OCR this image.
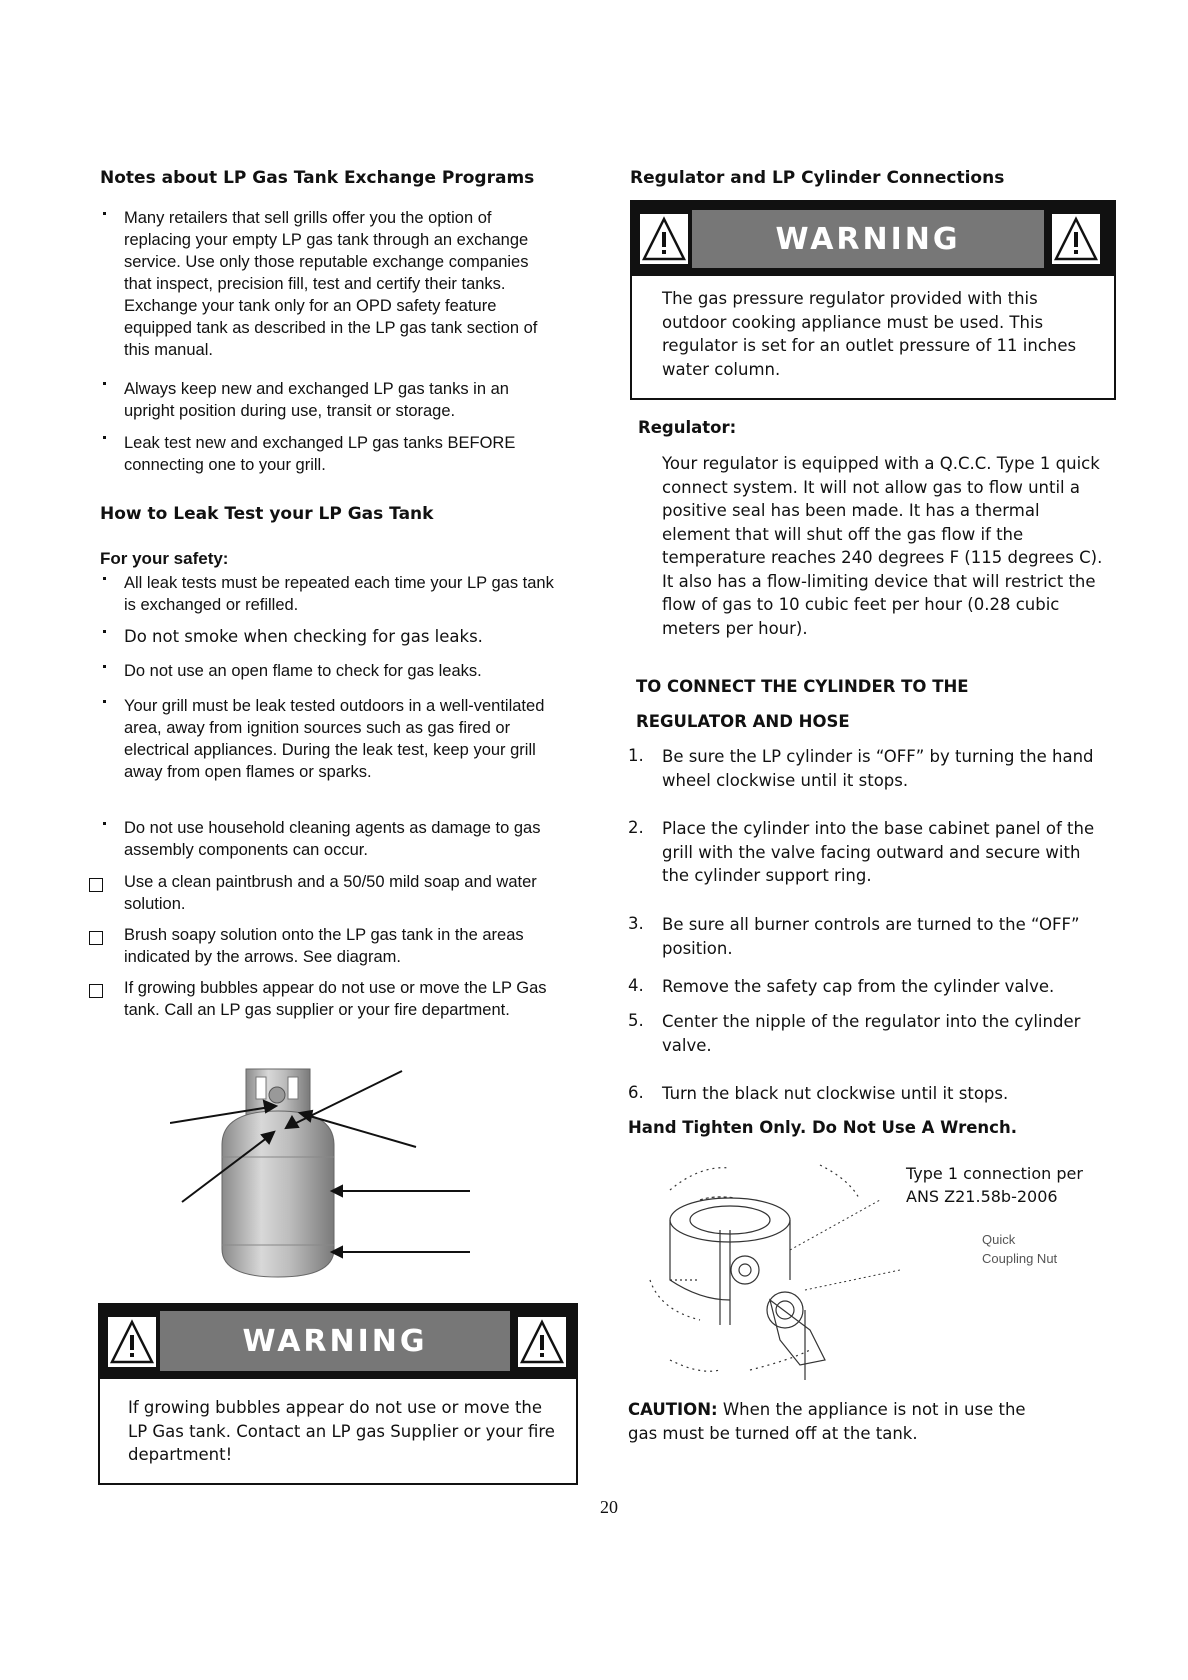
Notes about LP Gas Tank Exchange Programs
Many retailers that sell grills offer you the option of replacing your empty LP gas tank through an exchange service. Use only those reputable exchange companies that inspect, precision fill, test and certify their tanks. Exchange your tank only for an OPD safety feature equipped tank as described in the LP gas tank section of this manual.
Always keep new and exchanged LP gas tanks in an upright position during use, transit or storage.
Leak test new and exchanged LP gas tanks BEFORE connecting one to your grill.
How to Leak Test your LP Gas Tank
For your safety:
All leak tests must be repeated each time your LP gas tank is exchanged or refilled.
Do not smoke when checking for gas leaks.
Do not use an open flame to check for gas leaks.
Your grill must be leak tested outdoors in a well-ventilated area, away from ignition sources such as gas fired or electrical appliances. During the leak test, keep your grill away from open flames or sparks.
Do not use household cleaning agents as damage to gas assembly components can occur.
Use a clean paintbrush and a 50/50 mild soap and water solution.
Brush soapy solution onto the LP gas tank in the areas indicated by the arrows. See diagram.
If growing bubbles appear do not use or move the LP Gas tank. Call an LP gas supplier or your fire department.
WARNING
If growing bubbles appear do not use or move the LP Gas tank. Contact an LP gas Supplier or your fire department!
Regulator and LP Cylinder Connections
WARNING
The gas pressure regulator provided with this outdoor cooking appliance must be used. This regulator is set for an outlet pressure of 11 inches water column.
Regulator:
Your regulator is equipped with a Q.C.C. Type 1 quick connect system. It will not allow gas to flow until a positive seal has been made. It has a thermal element that will shut off the gas flow if the temperature reaches 240 degrees F (115 degrees C). It also has a flow-limiting device that will restrict the flow of gas to 10 cubic feet per hour (0.28 cubic meters per hour).
TO CONNECT THE CYLINDER TO THE
REGULATOR AND HOSE
1. Be sure the LP cylinder is “OFF” by turning the hand wheel clockwise until it stops.
2. Place the cylinder into the base cabinet panel of the grill with the valve facing outward and secure with the cylinder support ring.
3. Be sure all burner controls are turned to the “OFF” position.
4. Remove the safety cap from the cylinder valve.
5. Center the nipple of the regulator into the cylinder valve.
6. Turn the black nut clockwise until it stops.
Hand Tighten Only. Do Not Use A Wrench.
Type 1 connection per
ANS Z21.58b-2006
Quick
Coupling Nut
CAUTION: When the appliance is not in use the gas must be turned off at the tank.
20
